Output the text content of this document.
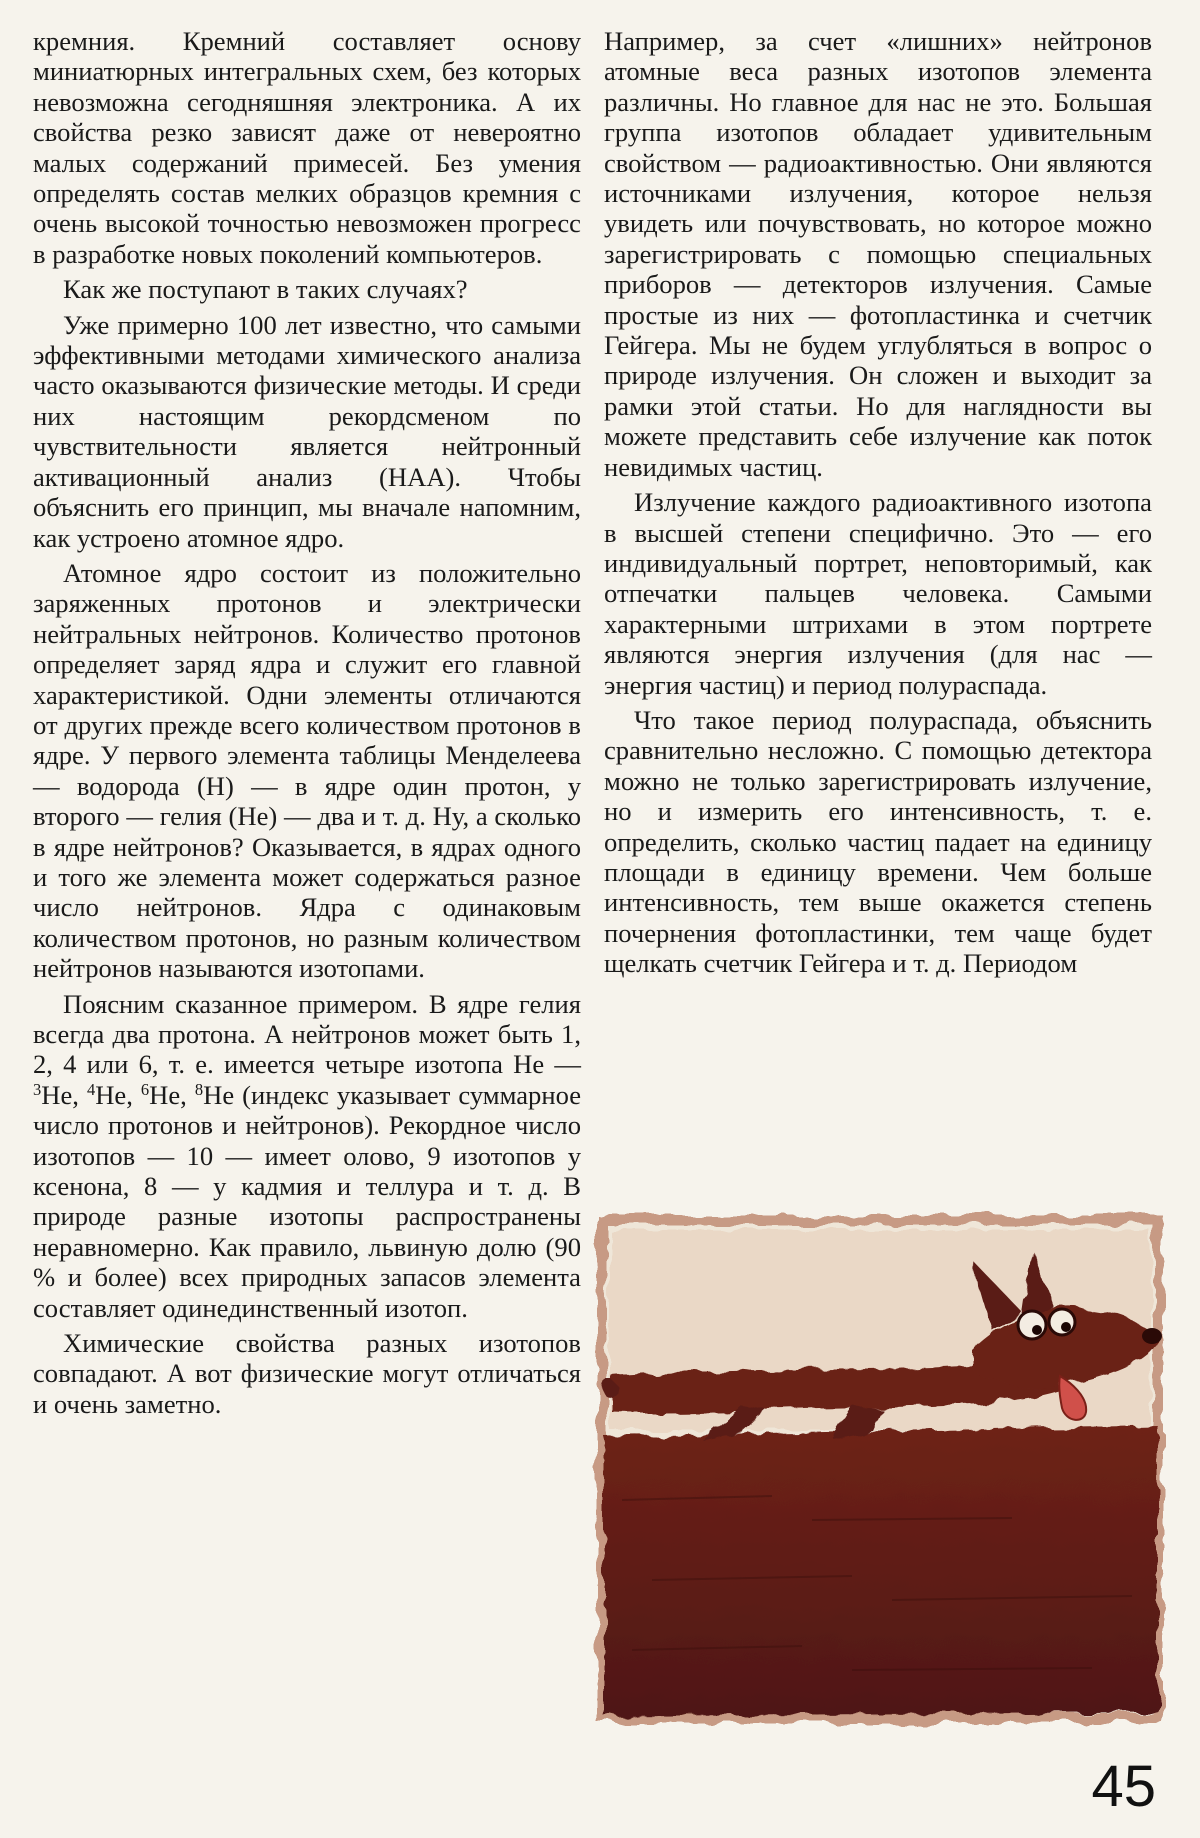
кремния. Кремний составляет основу миниатюрных интегральных схем, без которых невозможна сегодняшняя электроника. А их свойства резко зависят даже от невероятно малых содержаний примесей. Без умения определять состав мелких образцов кремния с очень высокой точностью невозможен прогресс в разработке новых поколений компьютеров.

Как же поступают в таких случаях?

Уже примерно 100 лет известно, что самыми эффективными методами химического анализа часто оказываются физические методы. И среди них настоящим рекордсменом по чувствительности является нейтронный активационный анализ (НАА). Чтобы объяснить его принцип, мы вначале напомним, как устроено атомное ядро.

Атомное ядро состоит из положительно заряженных протонов и электрически нейтральных нейтронов. Количество протонов определяет заряд ядра и служит его главной характеристикой. Одни элементы отличаются от других прежде всего количеством протонов в ядре. У первого элемента таблицы Менделеева — водорода (Н) — в ядре один протон, у второго — гелия (Не) — два и т. д. Ну, а сколько в ядре нейтронов? Оказывается, в ядрах одного и того же элемента может содержаться разное число нейтронов. Ядра с одинаковым количеством протонов, но разным количеством нейтронов называются изотопами.

Поясним сказанное примером. В ядре гелия всегда два протона. А нейтронов может быть 1, 2, 4 или 6, т. е. имеется четыре изотопа Не — $^3$Не, $^4$Не, $^6$Не, $^8$Не (индекс указывает суммарное число протонов и нейтронов). Рекордное число изотопов — 10 — имеет олово, 9 изотопов у ксенона, 8 — у кадмия и теллура и т. д. В природе разные изотопы распространены неравномерно. Как правило, львиную долю (90 % и более) всех природных запасов элемента составляет одинединственный изотоп.

Химические свойства разных изотопов совпадают. А вот физические могут отличаться и очень заметно.

Например, за счет «лишних» нейтронов атомные веса разных изотопов элемента различны. Но главное для нас не это. Большая группа изотопов обладает удивительным свойством — радиоактивностью. Они являются источниками излучения, которое нельзя увидеть или почувствовать, но которое можно зарегистрировать с помощью специальных приборов — детекторов излучения. Самые простые из них — фотопластинка и счетчик Гейгера. Мы не будем углубляться в вопрос о природе излучения. Он сложен и выходит за рамки этой статьи. Но для наглядности вы можете представить себе излучение как поток невидимых частиц.

Излучение каждого радиоактивного изотопа в высшей степени специфично. Это — его индивидуальный портрет, неповторимый, как отпечатки пальцев человека. Самыми характерными штрихами в этом портрете являются энергия излучения (для нас — энергия частиц) и период полураспада.

Что такое период полураспада, объяснить сравнительно несложно. С помощью детектора можно не только зарегистрировать излучение, но и измерить его интенсивность, т. е. определить, сколько частиц падает на единицу площади в единицу времени. Чем больше интенсивность, тем выше окажется степень почернения фотопластинки, тем чаще будет щелкать счетчик Гейгера и т. д. Периодом

45
